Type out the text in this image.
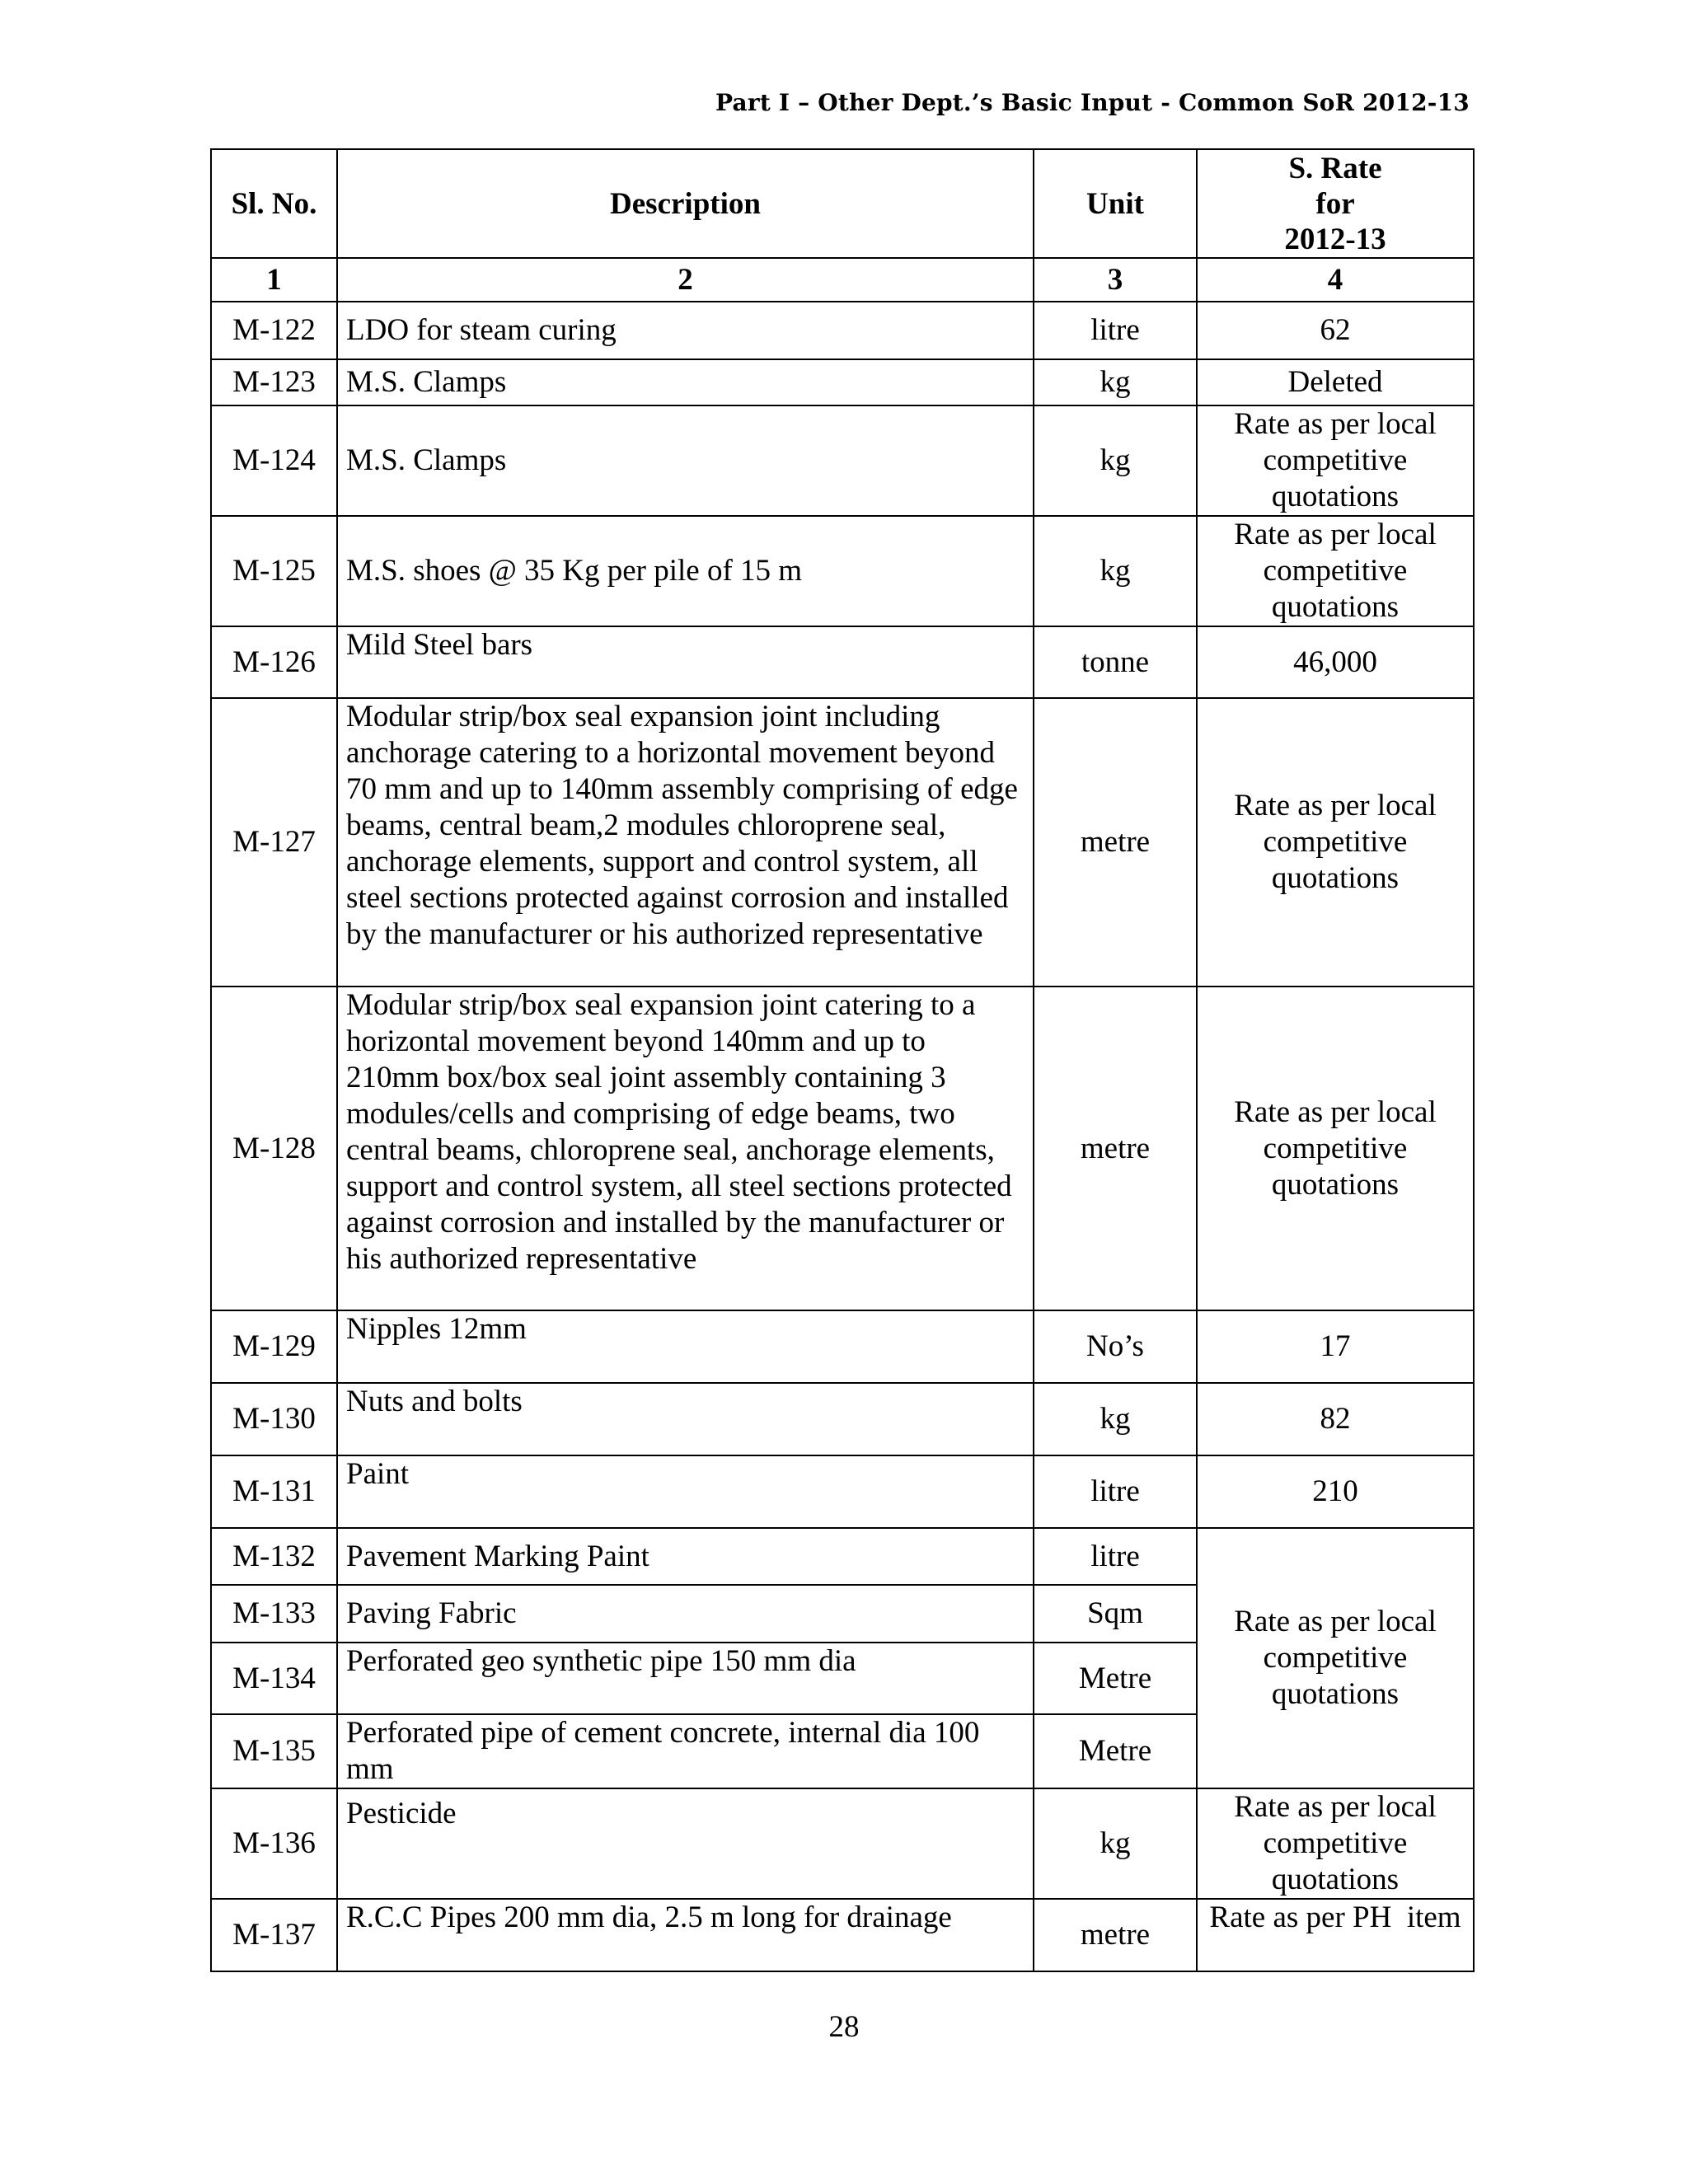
Part I – Other Dept.’s Basic Input - Common SoR 2012-13
Sl. No.	Description	Unit	S. Rate
for
2012-13
1	2	3	4
M-122	LDO for steam curing	litre	62
M-123	M.S. Clamps	kg	Deleted
M-124	M.S. Clamps	kg	Rate as per local competitive quotations
M-125	M.S. shoes @ 35 Kg per pile of 15 m	kg	Rate as per local competitive quotations
M-126	Mild Steel bars	tonne	46,000
M-127	Modular strip/box seal expansion joint including anchorage catering to a horizontal movement beyond 70 mm and up to 140mm assembly comprising of edge beams, central beam,2 modules chloroprene seal, anchorage elements, support and control system, all steel sections protected against corrosion and installed by the manufacturer or his authorized representative	metre	Rate as per local competitive quotations
M-128	Modular strip/box seal expansion joint catering to a horizontal movement beyond 140mm and up to 210mm box/box seal joint assembly containing 3 modules/cells and comprising of edge beams, two central beams, chloroprene seal, anchorage elements, support and control system, all steel sections protected against corrosion and installed by the manufacturer or his authorized representative	metre	Rate as per local competitive quotations
M-129	Nipples 12mm	No’s	17
M-130	Nuts and bolts	kg	82
M-131	Paint	litre	210
M-132	Pavement Marking Paint	litre	Rate as per local competitive quotations
M-133	Paving Fabric	Sqm	
M-134	Perforated geo synthetic pipe 150 mm dia	Metre	
M-135	Perforated pipe of cement concrete, internal dia 100 mm	Metre	
M-136	Pesticide	kg	Rate as per local competitive quotations
M-137	R.C.C Pipes 200 mm dia, 2.5 m long for drainage	metre	Rate as per PH  item
28
